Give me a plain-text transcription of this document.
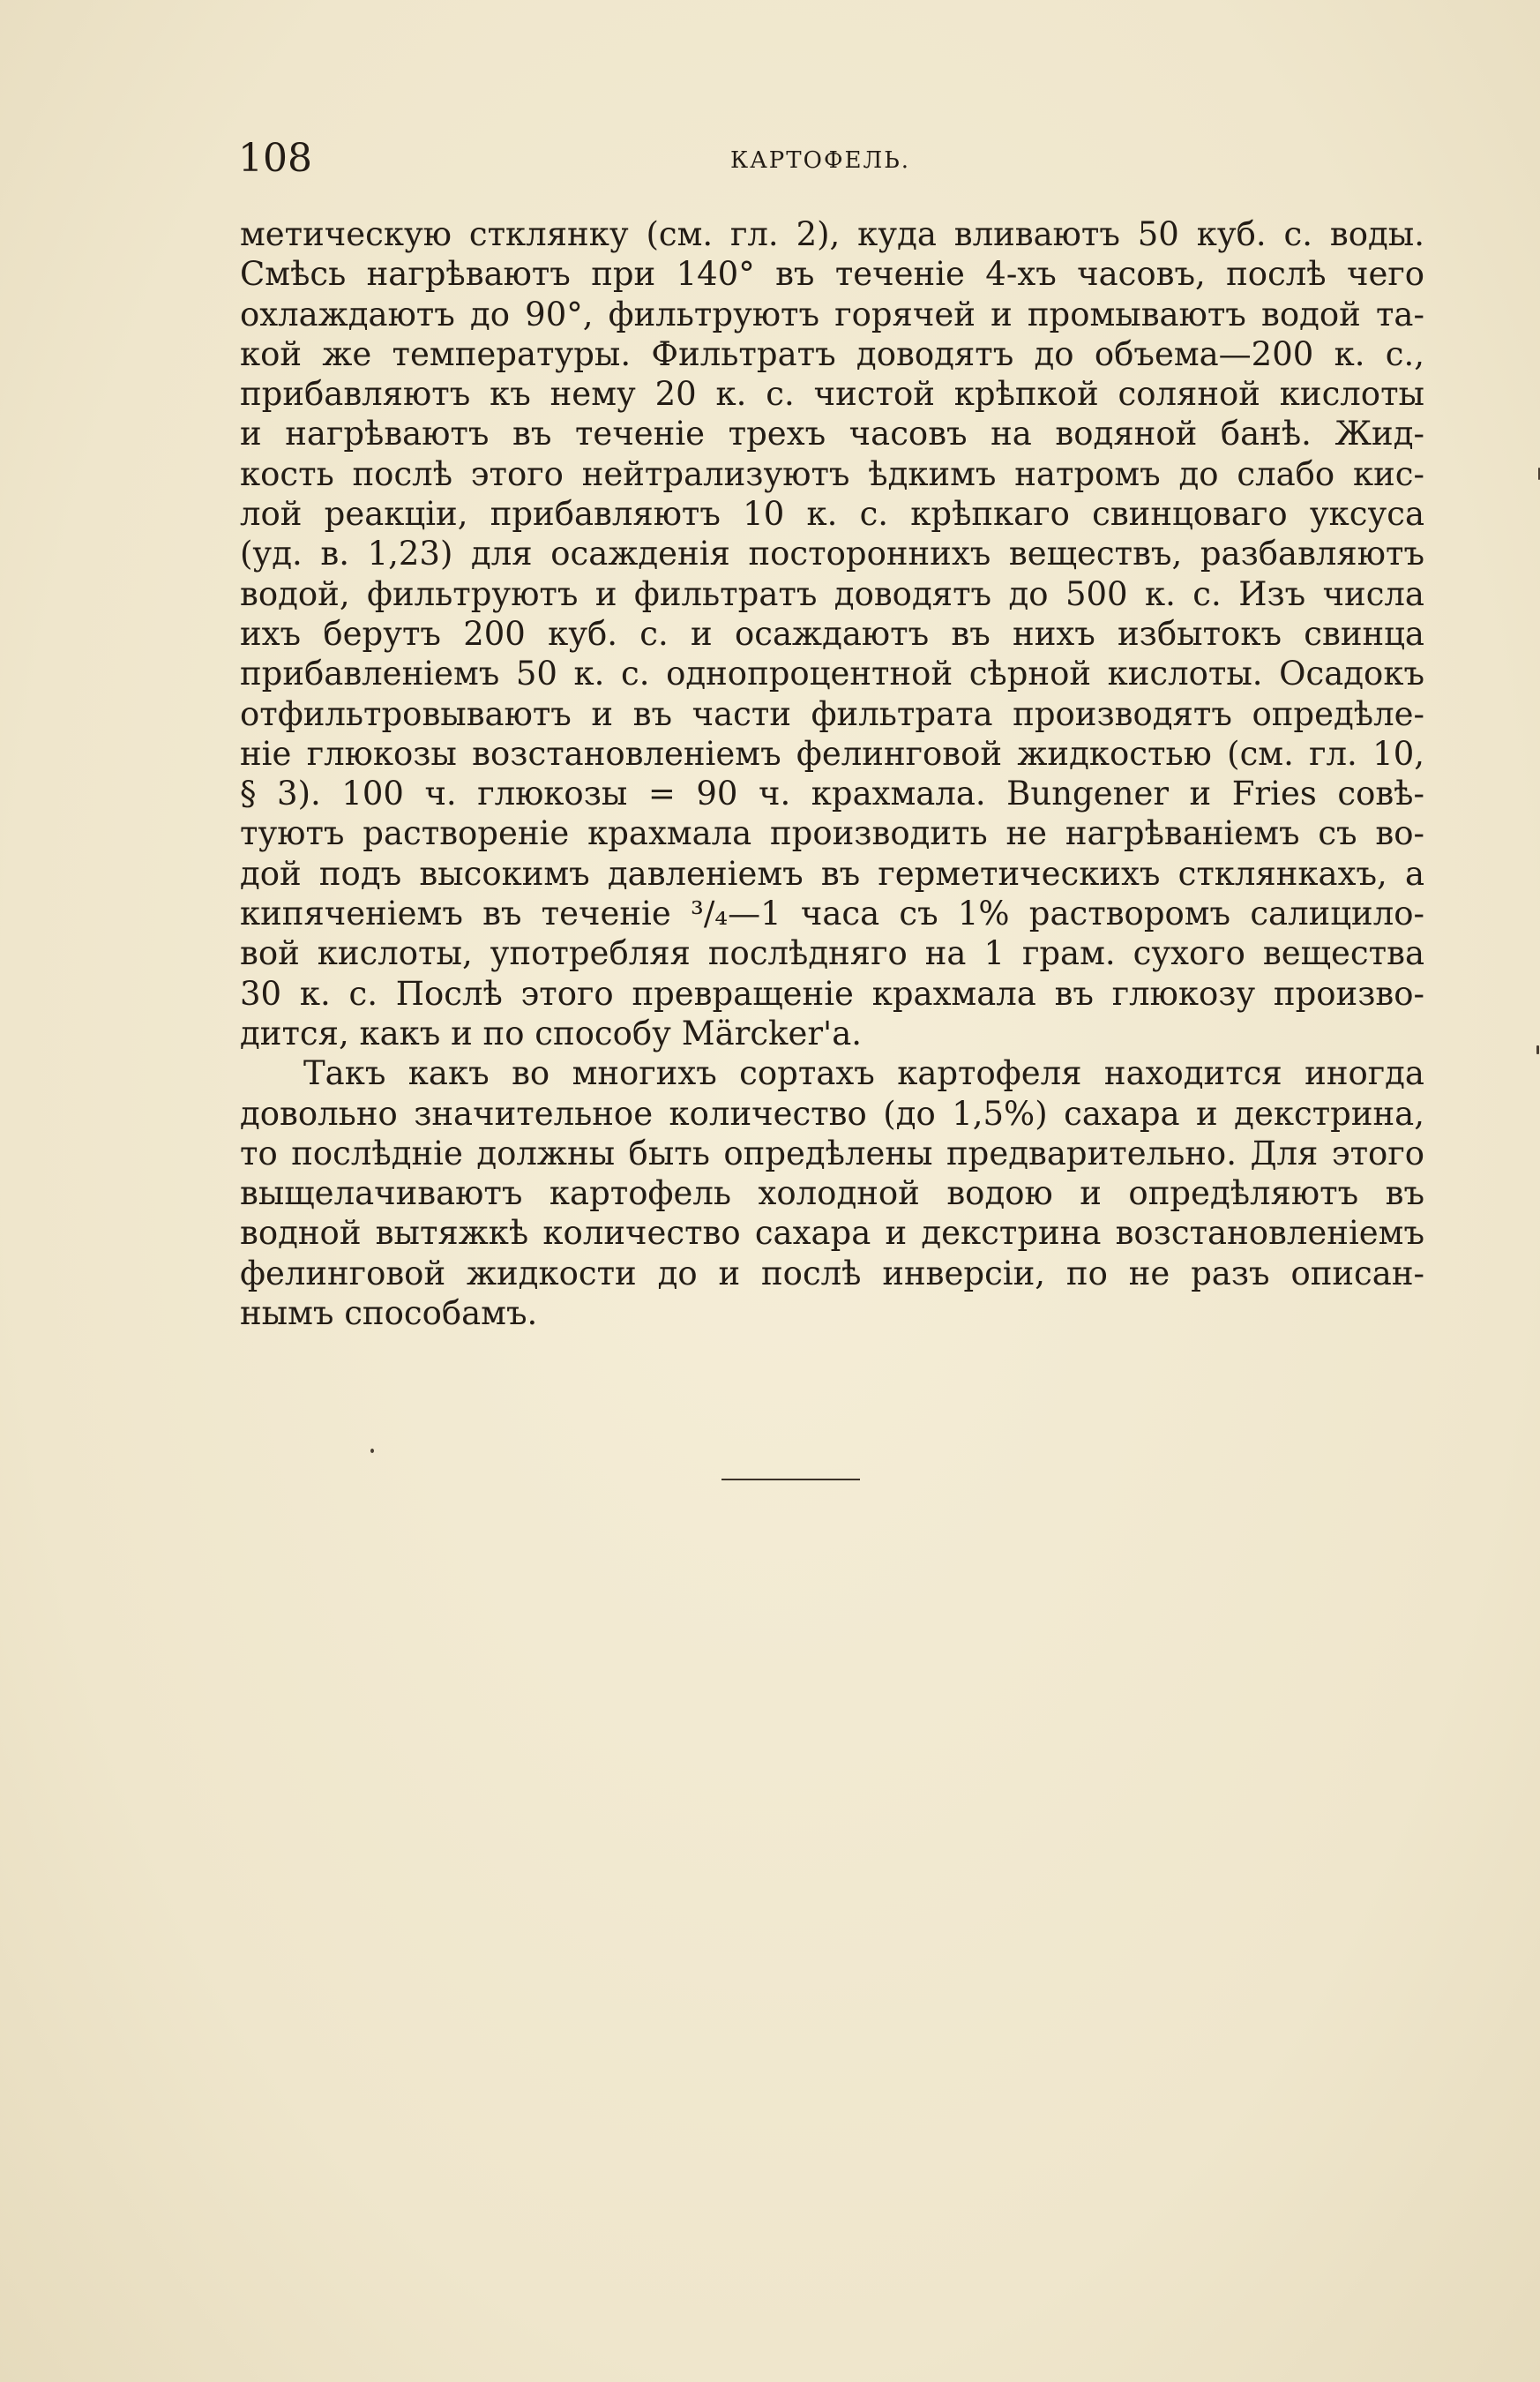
108	КАРТОФЕЛЬ.
метическую стклянку (см. гл. 2), куда вливаютъ 50 куб. с. воды.
Смѣсь нагрѣваютъ при 140° въ теченіе 4-хъ часовъ, послѣ чего
охлаждаютъ до 90°, фильтруютъ горячей и промываютъ водой та-
кой же температуры. Фильтратъ доводятъ до объема—200 к. с.,
прибавляютъ къ нему 20 к. с. чистой крѣпкой соляной кислоты
и нагрѣваютъ въ теченіе трехъ часовъ на водяной банѣ. Жид-
кость послѣ этого нейтрализуютъ ѣдкимъ натромъ до слабо кис-
лой реакціи, прибавляютъ 10 к. с. крѣпкаго свинцоваго уксуса
(уд. в. 1,23) для осажденія постороннихъ веществъ, разбавляютъ
водой, фильтруютъ и фильтратъ доводятъ до 500 к. с. Изъ числа
ихъ берутъ 200 куб. с. и осаждаютъ въ нихъ избытокъ свинца
прибавленіемъ 50 к. с. однопроцентной сѣрной кислоты. Осадокъ
отфильтровываютъ и въ части фильтрата производятъ опредѣле-
ніе глюкозы возстановленіемъ фелинговой жидкостью (см. гл. 10,
§ 3). 100 ч. глюкозы = 90 ч. крахмала. Bungener и Fries совѣ-
туютъ раствореніе крахмала производить не нагрѣваніемъ съ во-
дой подъ высокимъ давленіемъ въ герметическихъ стклянкахъ, а
кипяченіемъ въ теченіе ³/₄—1 часа съ 1% растворомъ салицило-
вой кислоты, употребляя послѣдняго на 1 грам. сухого вещества
30 к. с. Послѣ этого превращеніе крахмала въ глюкозу произво-
дится, какъ и по способу Märcker'а.
Такъ какъ во многихъ сортахъ картофеля находится иногда
довольно значительное количество (до 1,5%) сахара и декстрина,
то послѣдніе должны быть опредѣлены предварительно. Для этого
выщелачиваютъ картофель холодной водою и опредѣляютъ въ
водной вытяжкѣ количество сахара и декстрина возстановленіемъ
фелинговой жидкости до и послѣ инверсіи, по не разъ описан-
нымъ способамъ.
